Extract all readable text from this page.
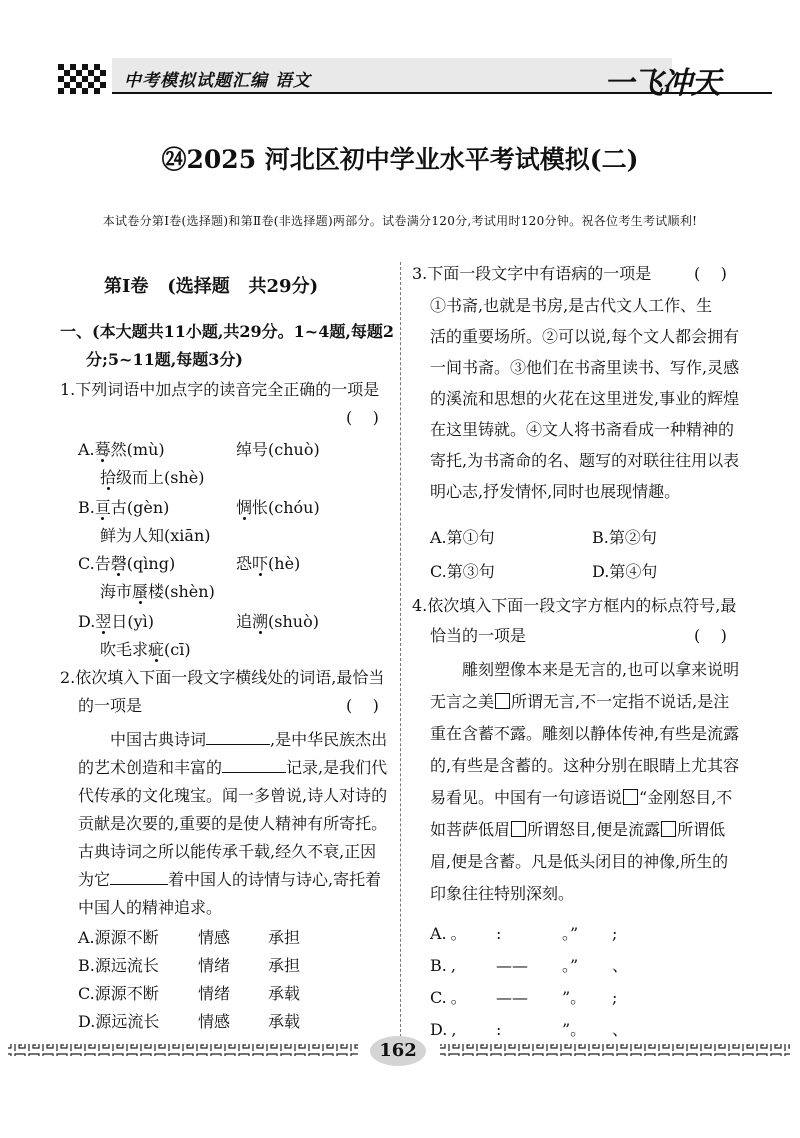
中考模拟试题汇编 语文	一飞冲天
㉔2025 河北区初中学业水平考试模拟(二)
本试卷分第Ⅰ卷(选择题)和第Ⅱ卷(非选择题)两部分。试卷满分120分,考试用时120分钟。祝各位考生考试顺利!
第Ⅰ卷   (选择题   共29分)
一、(本大题共11小题,共29分。1~4题,每题2
分;5~11题,每题3分)
1.下列词语中加点字的读音完全正确的一项是
(    )
A.蓦然(mù)	绰号(chuò)
拾级而上(shè)
B.亘古(gèn)	惆怅(chóu)
鲜为人知(xiān)
C.告磬(qìng)	恐吓(hè)
海市蜃楼(shèn)
D.翌日(yì)	追溯(shuò)
吹毛求疵(cī)
2.依次填入下面一段文字横线处的词语,最恰当
的一项是	(    )
中国古典诗词	,是中华民族杰出
的艺术创造和丰富的	记录,是我们代
代传承的文化瑰宝。闻一多曾说,诗人对诗的
贡献是次要的,重要的是使人精神有所寄托。
古典诗词之所以能传承千载,经久不衰,正因
为它	着中国人的诗情与诗心,寄托着
中国人的精神追求。
A.源源不断 情感 承担
B.源远流长 情绪 承担
C.源源不断 情绪 承载
D.源远流长 情感 承载
3.下面一段文字中有语病的一项是	(    )
①书斋,也就是书房,是古代文人工作、生
活的重要场所。②可以说,每个文人都会拥有
一间书斋。③他们在书斋里读书、写作,灵感
的溪流和思想的火花在这里迸发,事业的辉煌
在这里铸就。④文人将书斋看成一种精神的
寄托,为书斋命的名、题写的对联往往用以表
明心志,抒发情怀,同时也展现情趣。
A.第①句	B.第②句
C.第③句	D.第④句
4.依次填入下面一段文字方框内的标点符号,最
恰当的一项是	(    )
雕刻塑像本来是无言的,也可以拿来说明
无言之美 所谓无言,不一定指不说话,是注
重在含蓄不露。雕刻以静体传神,有些是流露
的,有些是含蓄的。这种分别在眼睛上尤其容
易看见。中国有一句谚语说 “金刚怒目,不
如菩萨低眉 所谓怒目,便是流露 所谓低
眉,便是含蓄。凡是低头闭目的神像,所生的
印象往往特别深刻。
A. 。 :	。” ;
B. ,	—— 。” 、
C. 。 —— ”。 ;
D. , :	”。 、
162
